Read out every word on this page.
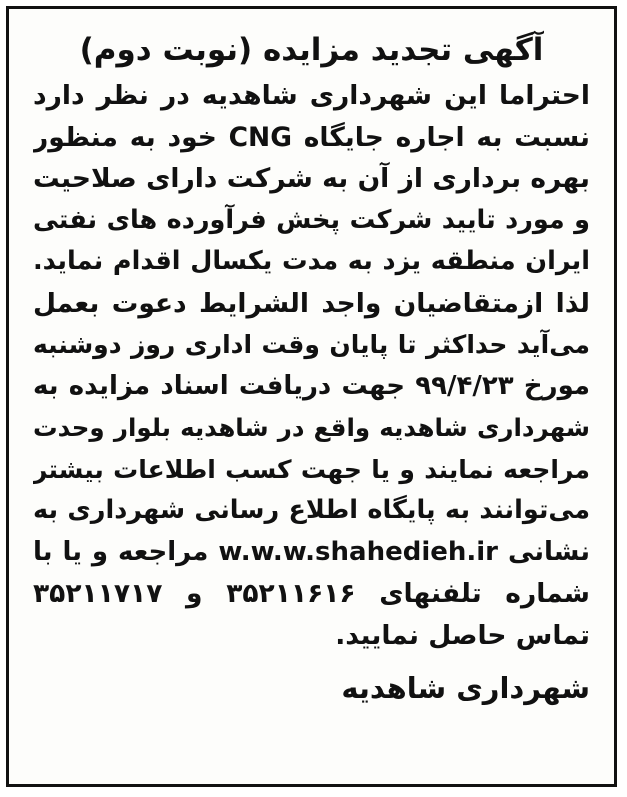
آگهی تجدید مزایده (نوبت دوم)
احتراما این شهرداری شاهدیه در نظر دارد
نسبت به اجاره جایگاه CNG خود به منظور
بهره برداری از آن به شرکت دارای صلاحیت
و مورد تایید شرکت پخش فرآورده های نفتی
ایران منطقه یزد به مدت یکسال اقدام نماید.
لذا ازمتقاضیان واجد الشرایط دعوت بعمل
می‌آید حداکثر تا پایان وقت اداری روز دوشنبه
مورخ ۹۹/۴/۲۳ جهت دریافت اسناد مزایده به
شهرداری شاهدیه واقع در شاهدیه بلوار وحدت
مراجعه نمایند و یا جهت کسب اطلاعات بیشتر
می‌توانند به پایگاه اطلاع رسانی شهرداری به
نشانی w.w.w.shahedieh.ir مراجعه و یا با
شماره تلفنهای ۳۵۲۱۱۶۱۶ و ۳۵۲۱۱۷۱۷
تماس حاصل نمایید.
شهرداری شاهدیه
